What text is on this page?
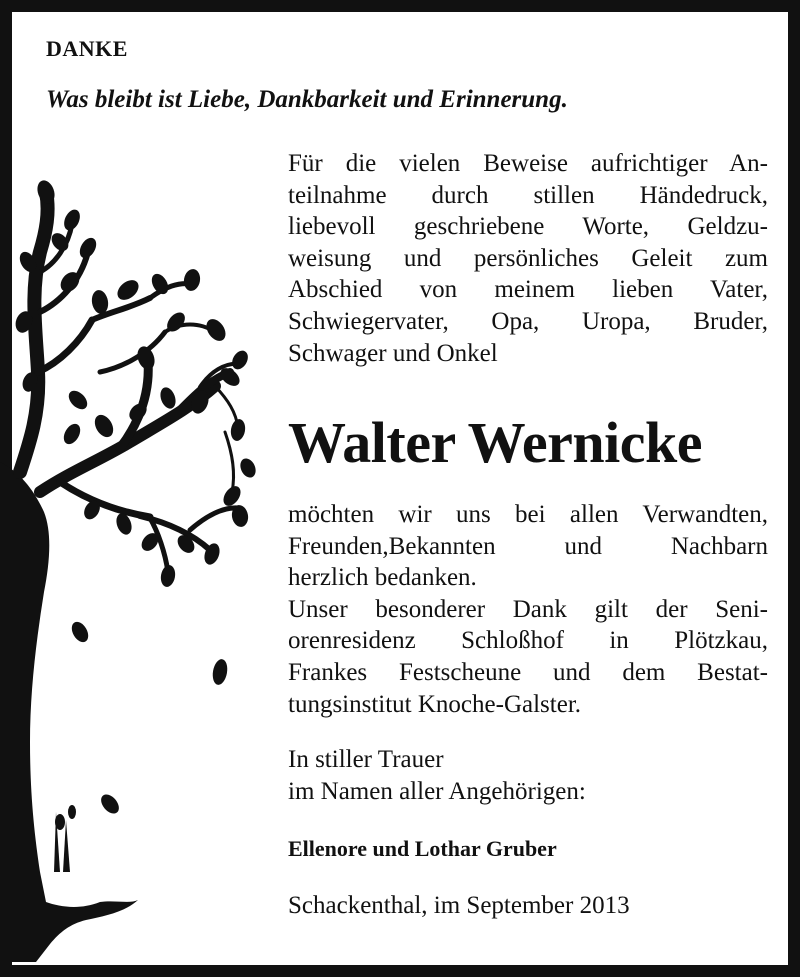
DANKE
Was bleibt ist Liebe, Dankbarkeit und Erinnerung.
Für die vielen Beweise aufrichtiger An-
teilnahme durch stillen Händedruck,
liebevoll geschriebene Worte, Geldzu-
weisung und persönliches Geleit zum
Abschied von meinem lieben Vater,
Schwiegervater, Opa, Uropa, Bruder,
Schwager und Onkel
Walter Wernicke
möchten wir uns bei allen Verwandten,
Freunden,Bekannten und Nachbarn
herzlich bedanken.
Unser besonderer Dank gilt der Seni-
orenresidenz Schloßhof in Plötzkau,
Frankes Festscheune und dem Bestat-
tungsinstitut Knoche-Galster.
In stiller Trauer
im Namen aller Angehörigen:
Ellenore und Lothar Gruber
Schackenthal, im September 2013
